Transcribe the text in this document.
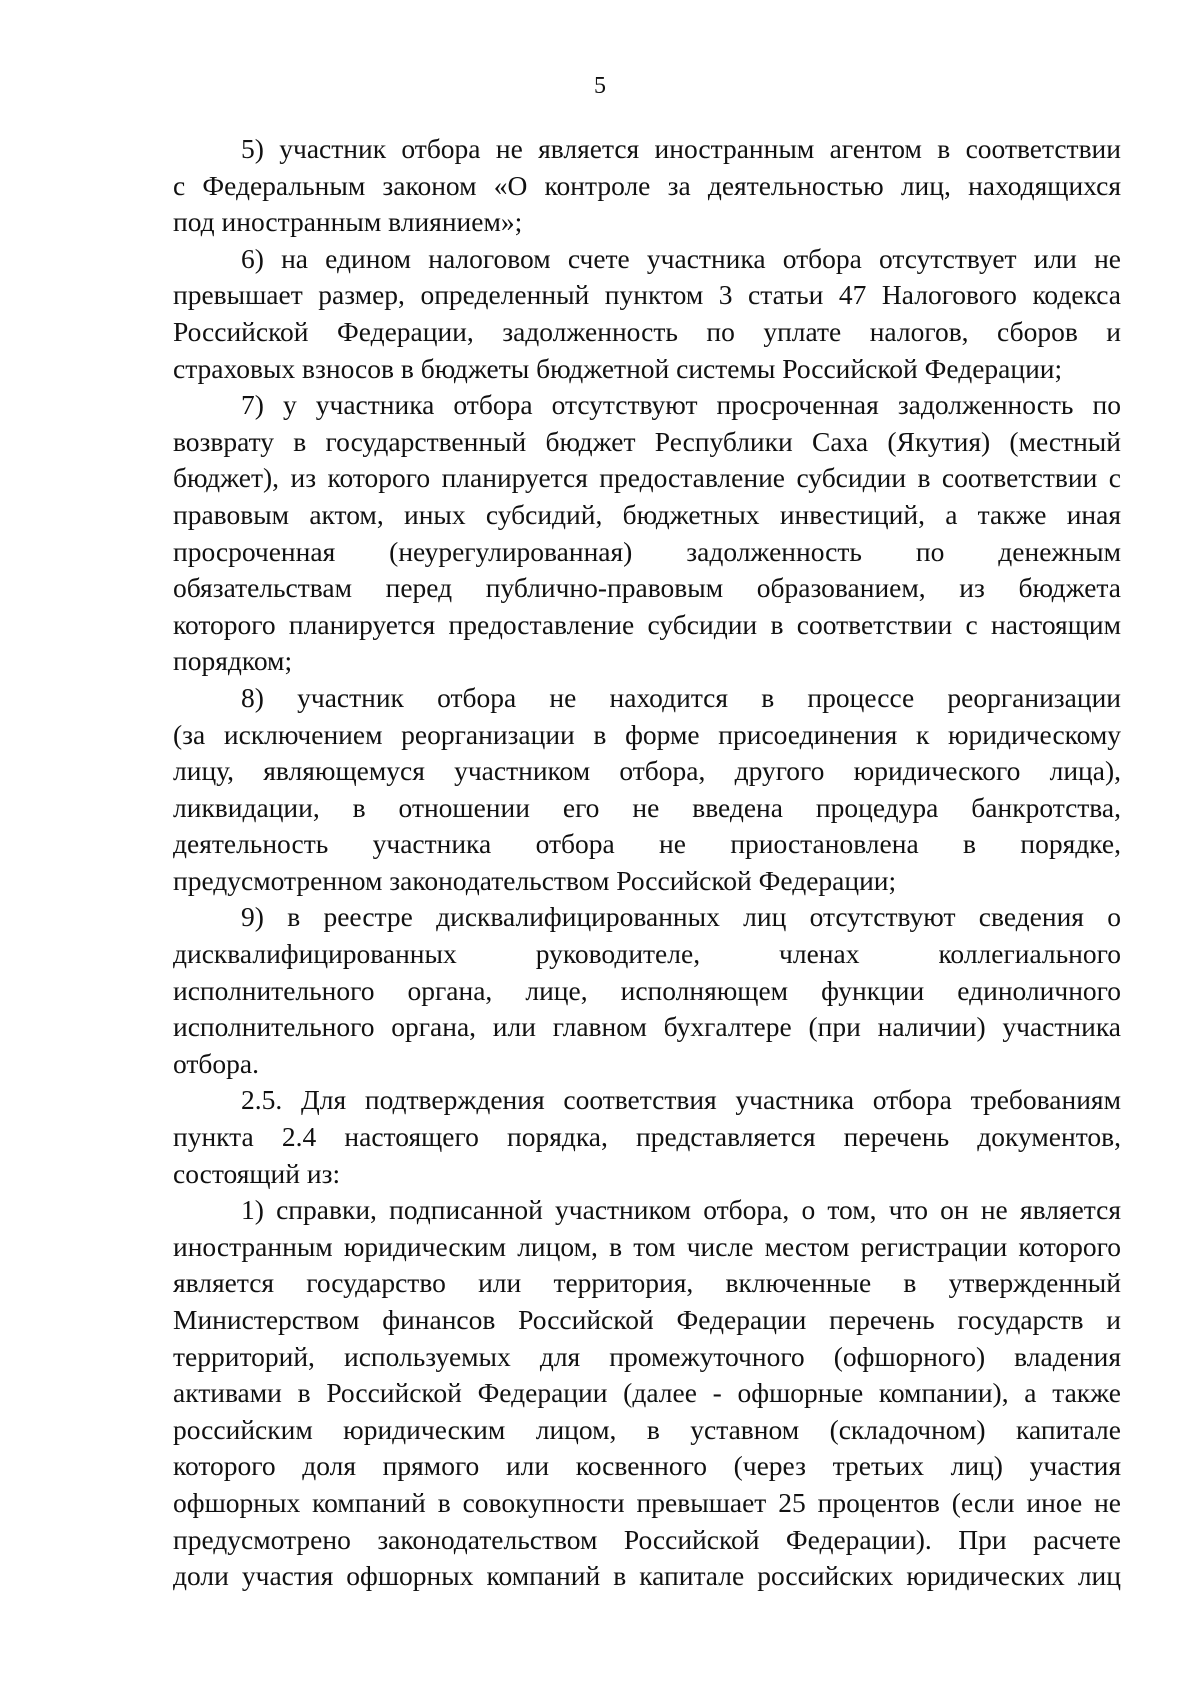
5

5) участник отбора не является иностранным агентом в соответствии
с Федеральным законом «О контроле за деятельностью лиц, находящихся
под иностранным влиянием»;

6) на едином налоговом счете участника отбора отсутствует или не
превышает размер, определенный пунктом 3 статьи 47 Налогового кодекса
Российской Федерации, задолженность по уплате налогов, сборов и
страховых взносов в бюджеты бюджетной системы Российской Федерации;

7) у участника отбора отсутствуют просроченная задолженность по
возврату в государственный бюджет Республики Саха (Якутия) (местный
бюджет), из которого планируется предоставление субсидии в соответствии с
правовым актом, иных субсидий, бюджетных инвестиций, а также иная
просроченная (неурегулированная) задолженность по денежным
обязательствам перед публично-правовым образованием, из бюджета
которого планируется предоставление субсидии в соответствии с настоящим
порядком;

8) участник отбора не находится в процессе реорганизации
(за исключением реорганизации в форме присоединения к юридическому
лицу, являющемуся участником отбора, другого юридического лица),
ликвидации, в отношении его не введена процедура банкротства,
деятельность участника отбора не приостановлена в порядке,
предусмотренном законодательством Российской Федерации;

9) в реестре дисквалифицированных лиц отсутствуют сведения о
дисквалифицированных руководителе, членах коллегиального
исполнительного органа, лице, исполняющем функции единоличного
исполнительного органа, или главном бухгалтере (при наличии) участника
отбора.

2.5. Для подтверждения соответствия участника отбора требованиям
пункта 2.4 настоящего порядка, представляется перечень документов,
состоящий из:

1) справки, подписанной участником отбора, о том, что он не является
иностранным юридическим лицом, в том числе местом регистрации которого
является государство или территория, включенные в утвержденный
Министерством финансов Российской Федерации перечень государств и
территорий, используемых для промежуточного (офшорного) владения
активами в Российской Федерации (далее - офшорные компании), а также
российским юридическим лицом, в уставном (складочном) капитале
которого доля прямого или косвенного (через третьих лиц) участия
офшорных компаний в совокупности превышает 25 процентов (если иное не
предусмотрено законодательством Российской Федерации). При расчете
доли участия офшорных компаний в капитале российских юридических лиц
